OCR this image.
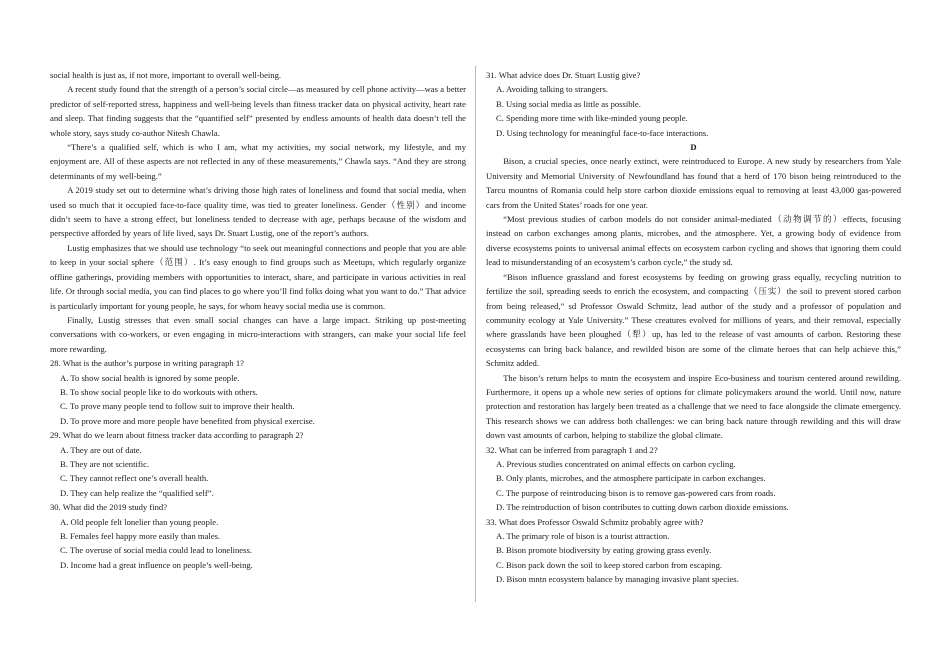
social health is just as, if not more, important to overall well-being.

A recent study found that the strength of a person’s social circle—as measured by cell phone activity—was a better predictor of self-reported stress, happiness and well-being levels than fitness tracker data on physical activity, heart rate and sleep. That finding suggests that the “quantified self” presented by endless amounts of health data doesn’t tell the whole story, says study co-author Nitesh Chawla.

“There’s a qualified self, which is who I am, what my activities, my social network, my lifestyle, and my enjoyment are. All of these aspects are not reflected in any of these measurements,” Chawla says. “And they are strong determinants of my well-being.”

A 2019 study set out to determine what’s driving those high rates of loneliness and found that social media, when used so much that it occupied face-to-face quality time, was tied to greater loneliness. Gender（性别）and income didn’t seem to have a strong effect, but loneliness tended to decrease with age, perhaps because of the wisdom and perspective afforded by years of life lived, says Dr. Stuart Lustig, one of the report’s authors.

Lustig emphasizes that we should use technology “to seek out meaningful connections and people that you are able to keep in your social sphere（范围）. It’s easy enough to find groups such as Meetups, which regularly organize offline gatherings, providing members with opportunities to interact, share, and participate in various activities in real life. Or through social media, you can find places to go where you’ll find folks doing what you want to do.” That advice is particularly important for young people, he says, for whom heavy social media use is common.

Finally, Lustig stresses that even small social changes can have a large impact. Striking up post-meeting conversations with co-workers, or even engaging in micro-interactions with strangers, can make your social life feel more rewarding.

28. What is the author’s purpose in writing paragraph 1?

A. To show social health is ignored by some people.

B. To show social people like to do workouts with others.

C. To prove many people tend to follow suit to improve their health.

D. To prove more and more people have benefited from physical exercise.

29. What do we learn about fitness tracker data according to paragraph 2?

A. They are out of date.

B. They are not scientific.

C. They cannot reflect one’s overall health.

D. They can help realize the “qualified self”.

30. What did the 2019 study find?

A. Old people felt lonelier than young people.

B. Females feel happy more easily than males.

C. The overuse of social media could lead to loneliness.

D. Income had a great influence on people’s well-being.

31. What advice does Dr. Stuart Lustig give?

A. Avoiding talking to strangers.

B. Using social media as little as possible.

C. Spending more time with like-minded young people.

D. Using technology for meaningful face-to-face interactions.

D

Bison, a crucial species, once nearly extinct, were reintroduced to Europe. A new study by researchers from Yale University and Memorial University of Newfoundland has found that a herd of 170 bison being reintroduced to the Tarcu mountns of Romania could help store carbon dioxide emissions equal to removing at least 43,000 gas-powered cars from the United States’ roads for one year.

“Most previous studies of carbon models do not consider animal-mediated（动物调节的）effects, focusing instead on carbon exchanges among plants, microbes, and the atmosphere. Yet, a growing body of evidence from diverse ecosystems points to universal animal effects on ecosystem carbon cycling and shows that ignoring them could lead to misunderstanding of an ecosystem’s carbon cycle,” the study sd.

“Bison influence grassland and forest ecosystems by feeding on growing grass equally, recycling nutrition to fertilize the soil, spreading seeds to enrich the ecosystem, and compacting（压实）the soil to prevent stored carbon from being released,” sd Professor Oswald Schmitz, lead author of the study and a professor of population and community ecology at Yale University.” These creatures evolved for millions of years, and their removal, especially where grasslands have been ploughed（犁）up, has led to the release of vast amounts of carbon. Restoring these ecosystems can bring back balance, and rewilded bison are some of the climate heroes that can help achieve this,” Schmitz added.

The bison’s return helps to mntn the ecosystem and inspire Eco-business and tourism centered around rewilding. Furthermore, it opens up a whole new series of options for climate policymakers around the world. Until now, nature protection and restoration has largely been treated as a challenge that we need to face alongside the climate emergency. This research shows we can address both challenges: we can bring back nature through rewilding and this will draw down vast amounts of carbon, helping to stabilize the global climate.

32. What can be inferred from paragraph 1 and 2?

A. Previous studies concentrated on animal effects on carbon cycling.

B. Only plants, microbes, and the atmosphere participate in carbon exchanges.

C. The purpose of reintroducing bison is to remove gas-powered cars from roads.

D. The reintroduction of bison contributes to cutting down carbon dioxide emissions.

33. What does Professor Oswald Schmitz probably agree with?

A. The primary role of bison is a tourist attraction.

B. Bison promote biodiversity by eating growing grass evenly.

C. Bison pack down the soil to keep stored carbon from escaping.

D. Bison mntn ecosystem balance by managing invasive plant species.
